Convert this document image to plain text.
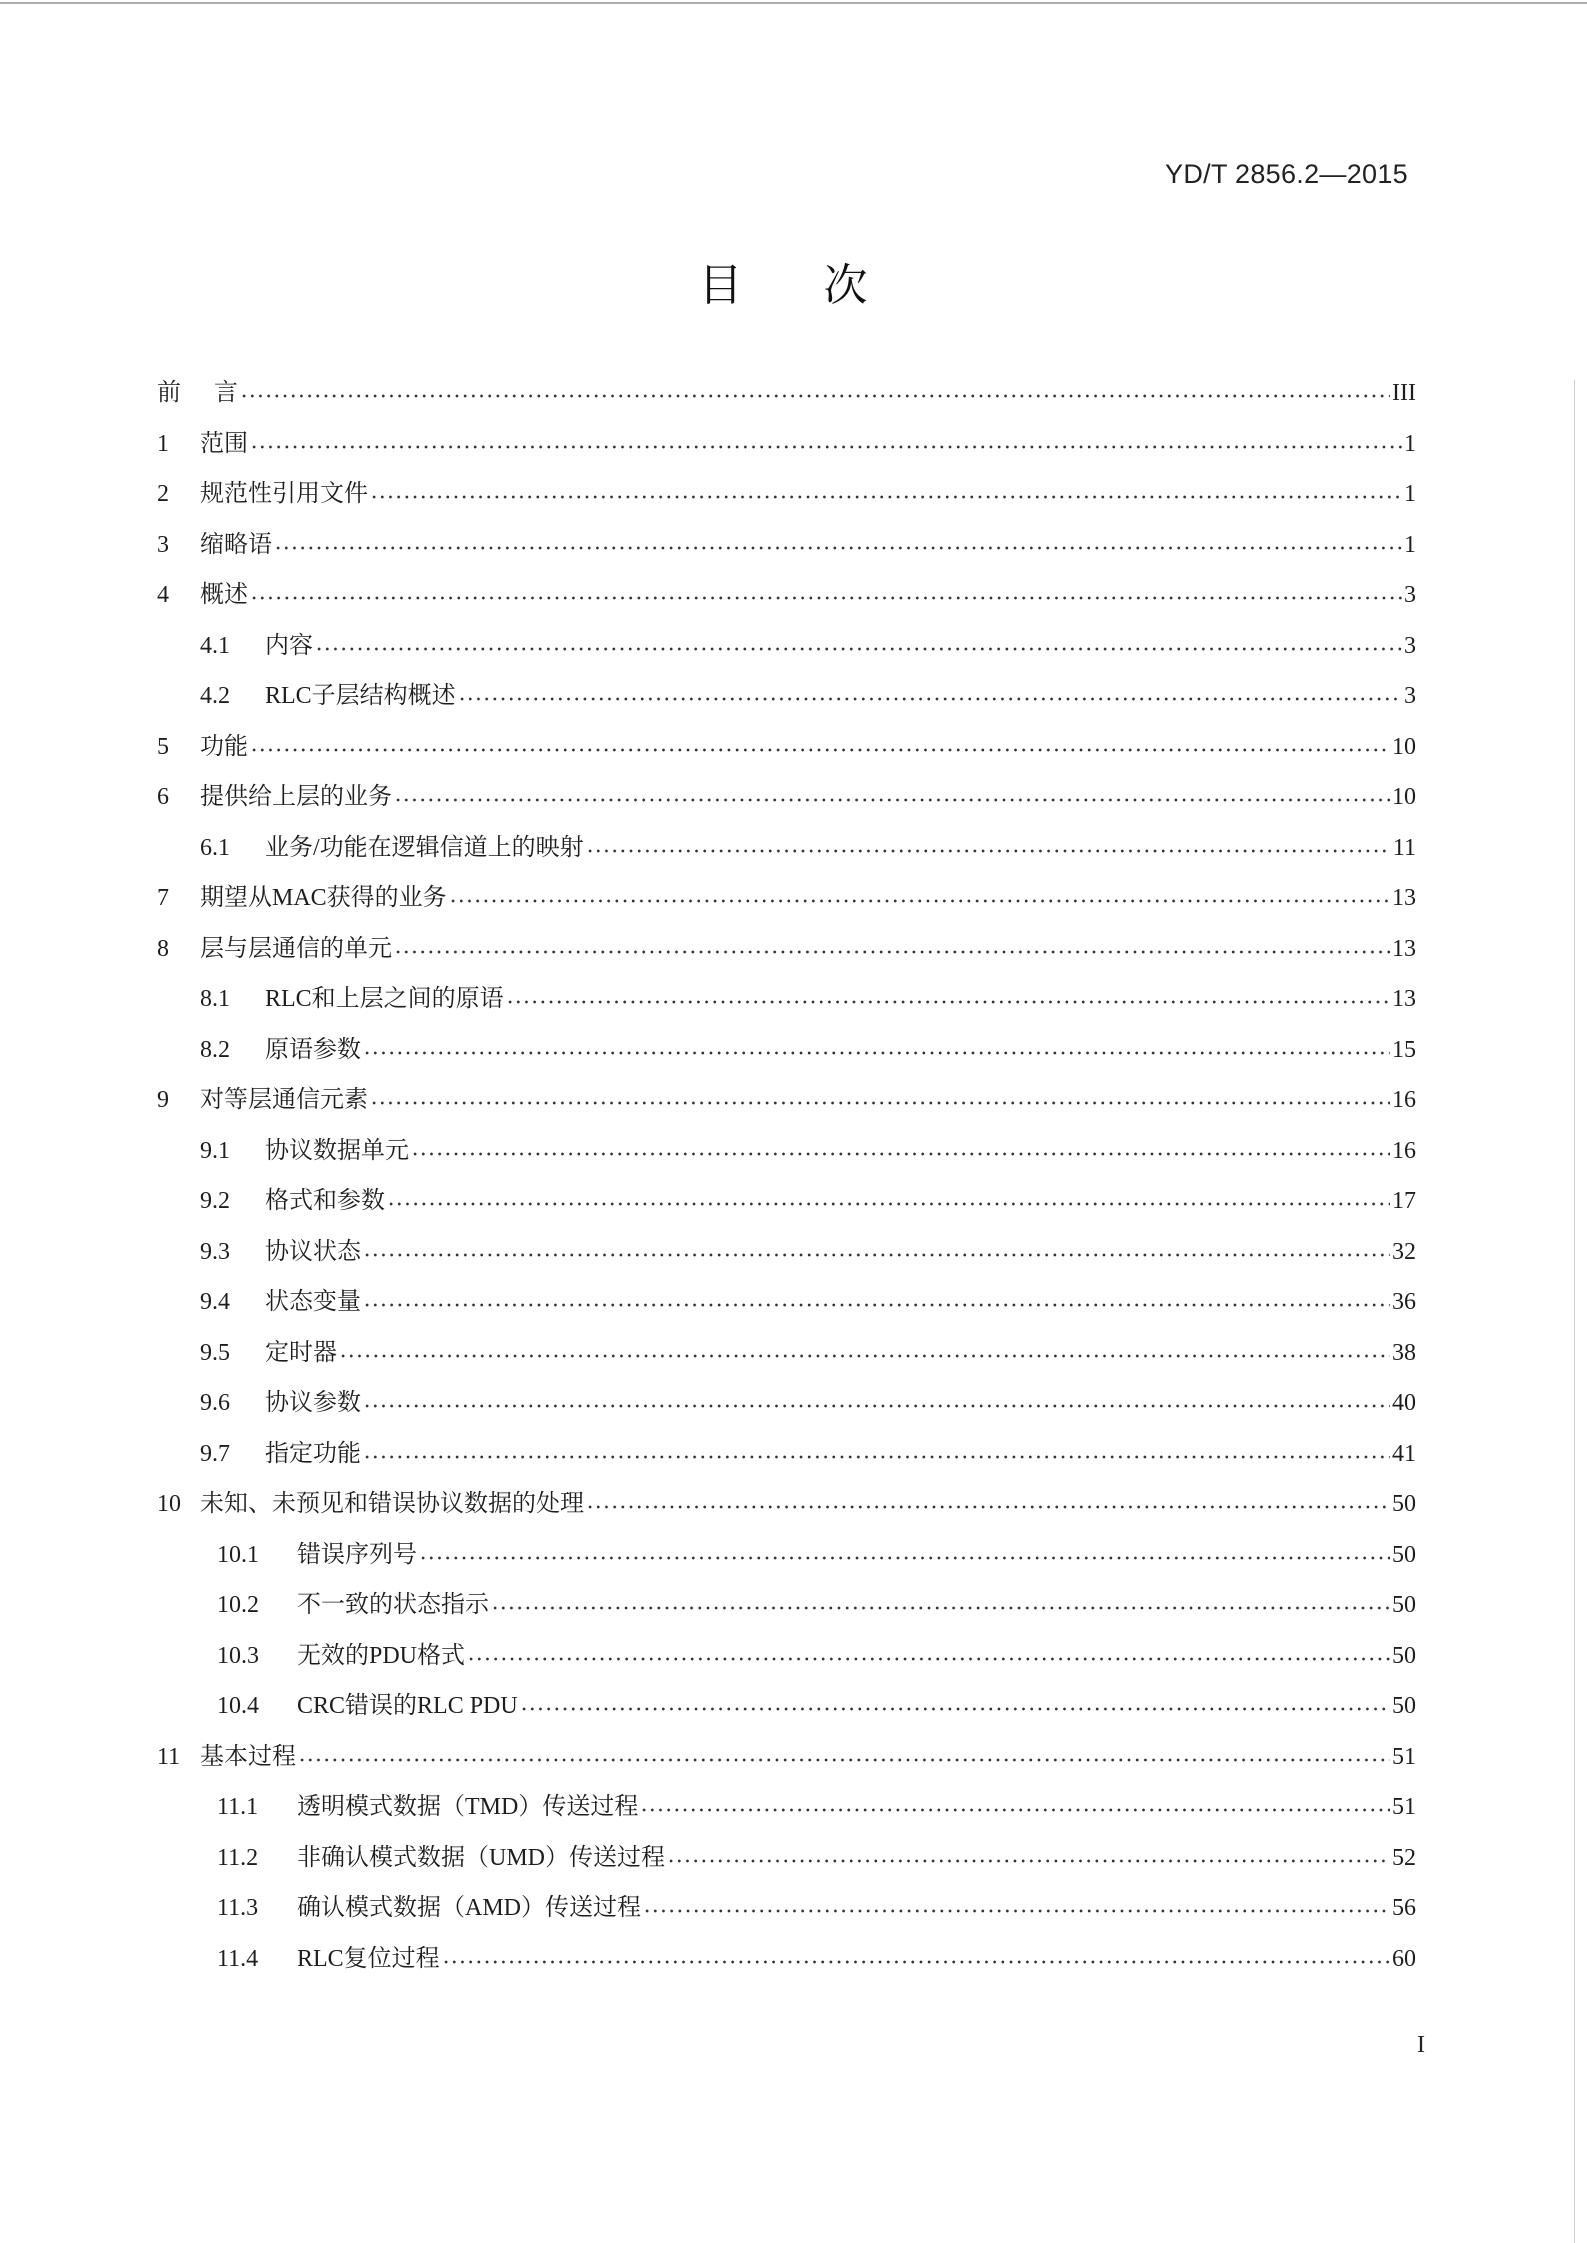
YD/T 2856.2—2015
目 次
前 言	III
1	范围	1
2	规范性引用文件	1
3	缩略语	1
4	概述	3
4.1	内容	3
4.2	RLC子层结构概述	3
5	功能	10
6	提供给上层的业务	10
6.1	业务/功能在逻辑信道上的映射	11
7	期望从MAC获得的业务	13
8	层与层通信的单元	13
8.1	RLC和上层之间的原语	13
8.2	原语参数	15
9	对等层通信元素	16
9.1	协议数据单元	16
9.2	格式和参数	17
9.3	协议状态	32
9.4	状态变量	36
9.5	定时器	38
9.6	协议参数	40
9.7	指定功能	41
10 未知、未预见和错误协议数据的处理	50
10.1	错误序列号	50
10.2	不一致的状态指示	50
10.3	无效的PDU格式	50
10.4	CRC错误的RLC PDU	50
11 基本过程	51
11.1	透明模式数据（TMD）传送过程	51
11.2	非确认模式数据（UMD）传送过程	52
11.3	确认模式数据（AMD）传送过程	56
11.4	RLC复位过程	60
I
